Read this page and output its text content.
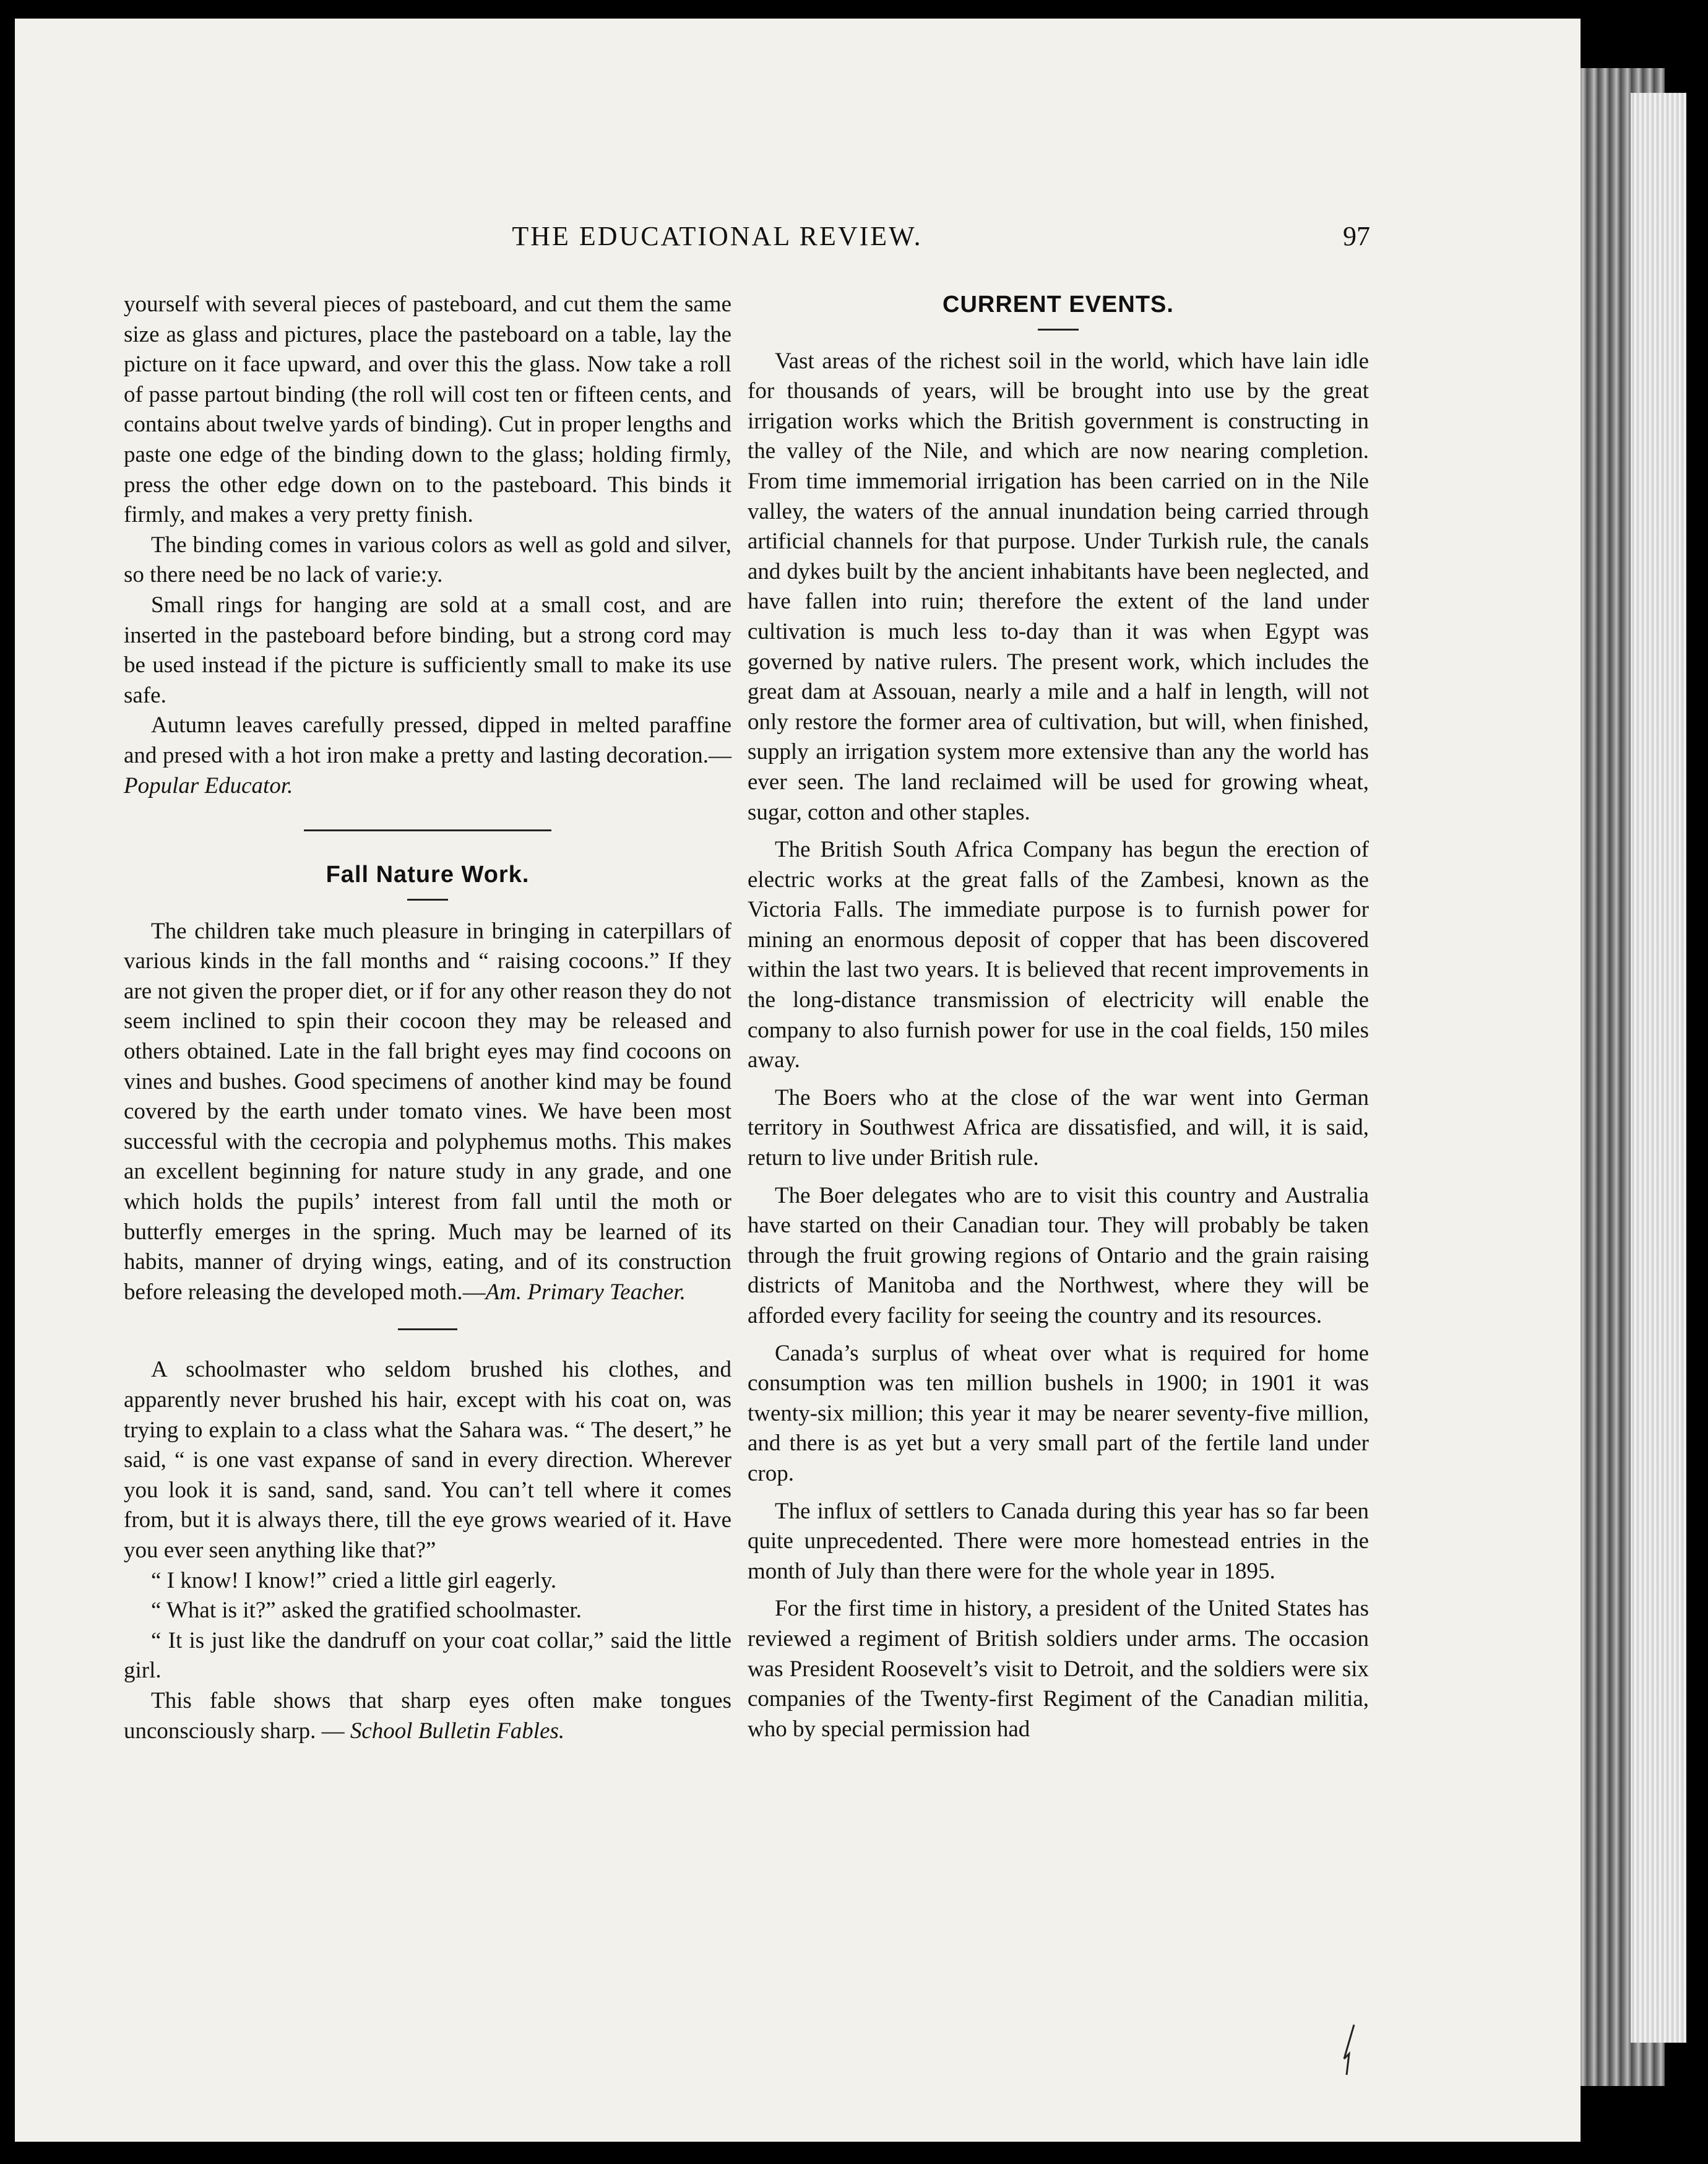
THE EDUCATIONAL REVIEW.	97

yourself with several pieces of pasteboard, and cut them the same size as glass and pictures, place the pasteboard on a table, lay the picture on it face upward, and over this the glass. Now take a roll of passe partout binding (the roll will cost ten or fifteen cents, and contains about twelve yards of binding). Cut in proper lengths and paste one edge of the binding down to the glass; holding firmly, press the other edge down on to the pasteboard. This binds it firmly, and makes a very pretty finish.

The binding comes in various colors as well as gold and silver, so there need be no lack of varie:y.

Small rings for hanging are sold at a small cost, and are inserted in the pasteboard before binding, but a strong cord may be used instead if the picture is sufficiently small to make its use safe.

Autumn leaves carefully pressed, dipped in melted paraffine and presed with a hot iron make a pretty and lasting decoration.—Popular Educator.

Fall Nature Work.

The children take much pleasure in bringing in caterpillars of various kinds in the fall months and “ raising cocoons.” If they are not given the proper diet, or if for any other reason they do not seem inclined to spin their cocoon they may be released and others obtained. Late in the fall bright eyes may find cocoons on vines and bushes. Good specimens of another kind may be found covered by the earth under tomato vines. We have been most successful with the cecropia and polyphemus moths. This makes an excellent beginning for nature study in any grade, and one which holds the pupils’ interest from fall until the moth or butterfly emerges in the spring. Much may be learned of its habits, manner of drying wings, eating, and of its construction before releasing the developed moth.—Am. Primary Teacher.

A schoolmaster who seldom brushed his clothes, and apparently never brushed his hair, except with his coat on, was trying to explain to a class what the Sahara was. “ The desert,” he said, “ is one vast expanse of sand in every direction. Wherever you look it is sand, sand, sand. You can’t tell where it comes from, but it is always there, till the eye grows wearied of it. Have you ever seen anything like that?”

“ I know! I know!” cried a little girl eagerly.

“ What is it?” asked the gratified schoolmaster.

“ It is just like the dandruff on your coat collar,” said the little girl.

This fable shows that sharp eyes often make tongues unconsciously sharp. — School Bulletin Fables.

CURRENT EVENTS.

Vast areas of the richest soil in the world, which have lain idle for thousands of years, will be brought into use by the great irrigation works which the British government is constructing in the valley of the Nile, and which are now nearing completion. From time immemorial irrigation has been carried on in the Nile valley, the waters of the annual inundation being carried through artificial channels for that purpose. Under Turkish rule, the canals and dykes built by the ancient inhabitants have been neglected, and have fallen into ruin; therefore the extent of the land under cultivation is much less to-day than it was when Egypt was governed by native rulers. The present work, which includes the great dam at Assouan, nearly a mile and a half in length, will not only restore the former area of cultivation, but will, when finished, supply an irrigation system more extensive than any the world has ever seen. The land reclaimed will be used for growing wheat, sugar, cotton and other staples.

The British South Africa Company has begun the erection of electric works at the great falls of the Zambesi, known as the Victoria Falls. The immediate purpose is to furnish power for mining an enormous deposit of copper that has been discovered within the last two years. It is believed that recent improvements in the long-distance transmission of electricity will enable the company to also furnish power for use in the coal fields, 150 miles away.

The Boers who at the close of the war went into German territory in Southwest Africa are dissatisfied, and will, it is said, return to live under British rule.

The Boer delegates who are to visit this country and Australia have started on their Canadian tour. They will probably be taken through the fruit growing regions of Ontario and the grain raising districts of Manitoba and the Northwest, where they will be afforded every facility for seeing the country and its resources.

Canada’s surplus of wheat over what is required for home consumption was ten million bushels in 1900; in 1901 it was twenty-six million; this year it may be nearer seventy-five million, and there is as yet but a very small part of the fertile land under crop.

The influx of settlers to Canada during this year has so far been quite unprecedented. There were more homestead entries in the month of July than there were for the whole year in 1895.

For the first time in history, a president of the United States has reviewed a regiment of British soldiers under arms. The occasion was President Roosevelt’s visit to Detroit, and the soldiers were six companies of the Twenty-first Regiment of the Canadian militia, who by special permission had
